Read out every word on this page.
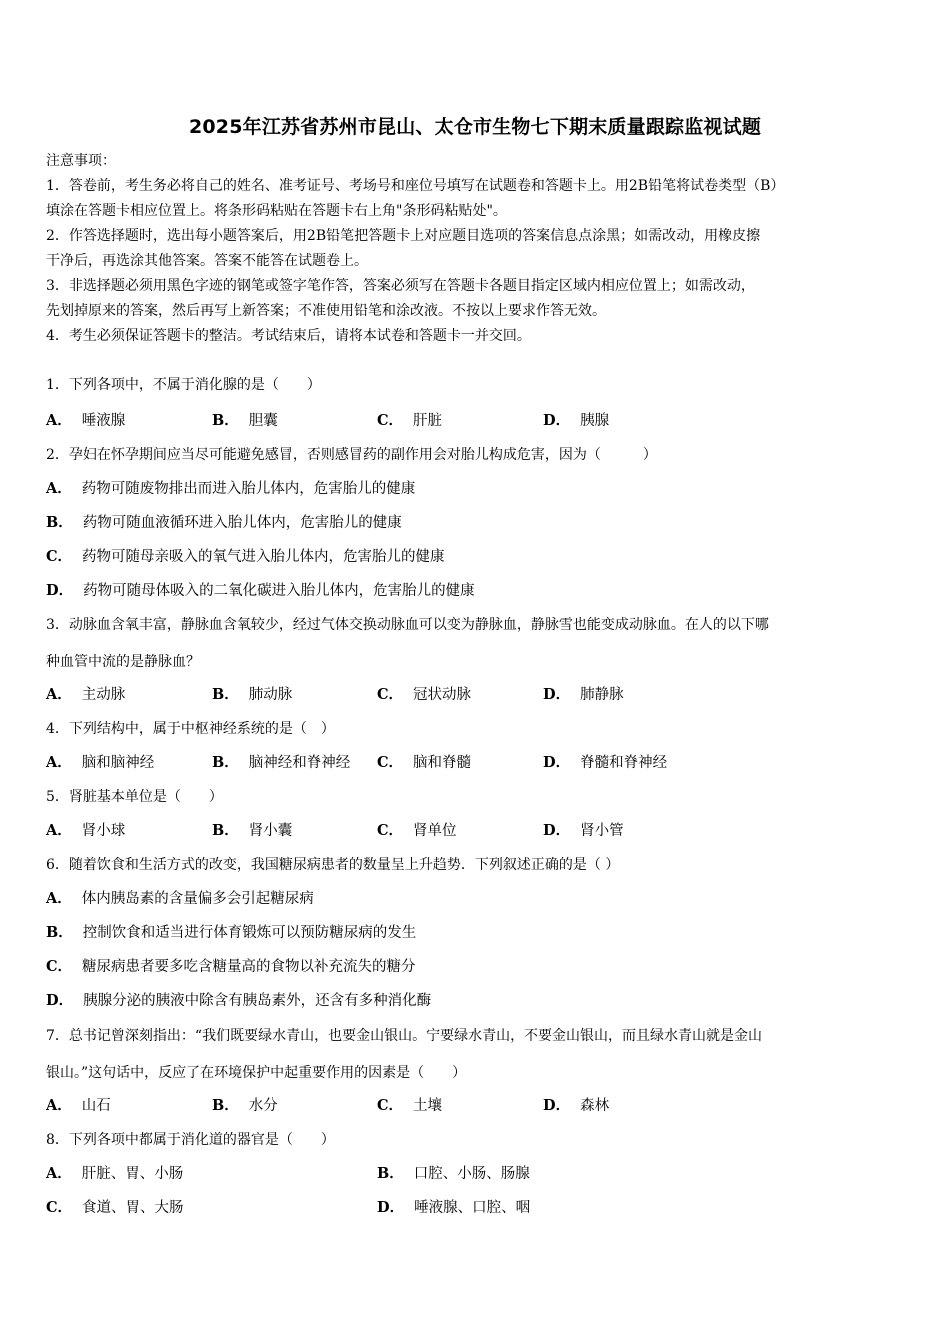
2025年江苏省苏州市昆山、太仓市生物七下期末质量跟踪监视试题
注意事项：
1．答卷前，考生务必将自己的姓名、准考证号、考场号和座位号填写在试题卷和答题卡上。用2B铅笔将试卷类型（B）
填涂在答题卡相应位置上。将条形码粘贴在答题卡右上角"条形码粘贴处"。
2．作答选择题时，选出每小题答案后，用2B铅笔把答题卡上对应题目选项的答案信息点涂黑；如需改动，用橡皮擦
干净后，再选涂其他答案。答案不能答在试题卷上。
3．非选择题必须用黑色字迹的钢笔或签字笔作答，答案必须写在答题卡各题目指定区域内相应位置上；如需改动，
先划掉原来的答案，然后再写上新答案；不准使用铅笔和涂改液。不按以上要求作答无效。
4．考生必须保证答题卡的整洁。考试结束后，请将本试卷和答题卡一并交回。
1．下列各项中，不属于消化腺的是（　　）
A． 唾液腺	B． 胆囊	C． 肝脏	D． 胰腺
2．孕妇在怀孕期间应当尽可能避免感冒，否则感冒药的副作用会对胎儿构成危害，因为（　　　）
A． 药物可随废物排出而进入胎儿体内，危害胎儿的健康
B． 药物可随血液循环进入胎儿体内，危害胎儿的健康
C． 药物可随母亲吸入的氧气进入胎儿体内，危害胎儿的健康
D． 药物可随母体吸入的二氧化碳进入胎儿体内，危害胎儿的健康
3．动脉血含氧丰富，静脉血含氧较少，经过气体交换动脉血可以变为静脉血，静脉雪也能变成动脉血。在人的以下哪
种血管中流的是静脉血？
A． 主动脉	B． 肺动脉	C． 冠状动脉	D． 肺静脉
4．下列结构中，属于中枢神经系统的是（　）
A． 脑和脑神经	B． 脑神经和脊神经 C． 脑和脊髓	D． 脊髓和脊神经
5．肾脏基本单位是（　　）
A． 肾小球	B． 肾小囊	C． 肾单位	D． 肾小管
6．随着饮食和生活方式的改变，我国糖尿病患者的数量呈上升趋势．下列叙述正确的是（ ）
A． 体内胰岛素的含量偏多会引起糖尿病
B． 控制饮食和适当进行体育锻炼可以预防糖尿病的发生
C． 糖尿病患者要多吃含糖量高的食物以补充流失的糖分
D． 胰腺分泌的胰液中除含有胰岛素外，还含有多种消化酶
7．总书记曾深刻指出：“我们既要绿水青山，也要金山银山。宁要绿水青山，不要金山银山，而且绿水青山就是金山
银山。”这句话中，反应了在环境保护中起重要作用的因素是（　　）
A． 山石	B． 水分	C． 土壤	D． 森林
8．下列各项中都属于消化道的器官是（　　）
A． 肝脏、胃、小肠	B． 口腔、小肠、肠腺
C． 食道、胃、大肠	D． 唾液腺、口腔、咽
